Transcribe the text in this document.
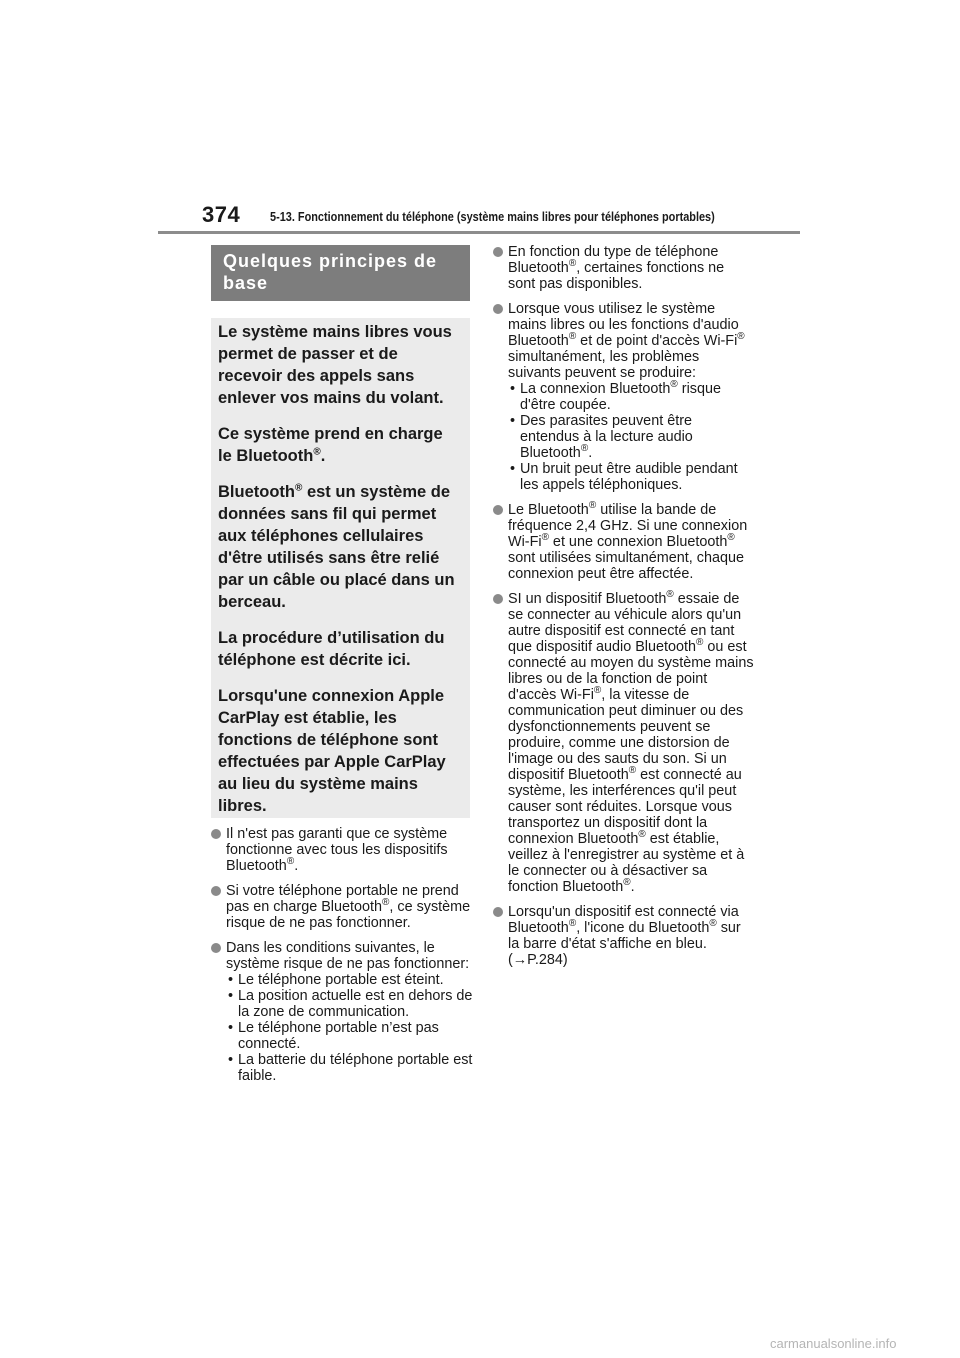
374 5-13. Fonctionnement du téléphone (système mains libres pour téléphones portables)
Quelques principes de base

Le système mains libres vous permet de passer et de recevoir des appels sans enlever vos mains du volant.

Ce système prend en charge le Bluetooth®.

Bluetooth® est un système de données sans fil qui permet aux téléphones cellulaires d'être utilisés sans être relié par un câble ou placé dans un berceau.

La procédure d’utilisation du téléphone est décrite ici.

Lorsqu'une connexion Apple CarPlay est établie, les fonctions de téléphone sont effectuées par Apple CarPlay au lieu du système mains libres.

Il n'est pas garanti que ce système fonctionne avec tous les dispositifs Bluetooth®.
Si votre téléphone portable ne prend pas en charge Bluetooth®, ce système risque de ne pas fonctionner.
Dans les conditions suivantes, le système risque de ne pas fonctionner:
• Le téléphone portable est éteint.
• La position actuelle est en dehors de la zone de communication.
• Le téléphone portable n’est pas connecté.
• La batterie du téléphone portable est faible.
En fonction du type de téléphone Bluetooth®, certaines fonctions ne sont pas disponibles.
Lorsque vous utilisez le système mains libres ou les fonctions d'audio Bluetooth® et de point d'accès Wi-Fi® simultanément, les problèmes suivants peuvent se produire:
• La connexion Bluetooth® risque d'être coupée.
• Des parasites peuvent être entendus à la lecture audio Bluetooth®.
• Un bruit peut être audible pendant les appels téléphoniques.
Le Bluetooth® utilise la bande de fréquence 2,4 GHz. Si une connexion Wi-Fi® et une connexion Bluetooth® sont utilisées simultanément, chaque connexion peut être affectée.
SI un dispositif Bluetooth® essaie de se connecter au véhicule alors qu'un autre dispositif est connecté en tant que dispositif audio Bluetooth® ou est connecté au moyen du système mains libres ou de la fonction de point d'accès Wi-Fi®, la vitesse de communication peut diminuer ou des dysfonctionnements peuvent se produire, comme une distorsion de l'image ou des sauts du son. Si un dispositif Bluetooth® est connecté au système, les interférences qu'il peut causer sont réduites. Lorsque vous transportez un dispositif dont la connexion Bluetooth® est établie, veillez à l'enregistrer au système et à le connecter ou à désactiver sa fonction Bluetooth®.
Lorsqu'un dispositif est connecté via Bluetooth®, l'icone du Bluetooth® sur la barre d'état s'affiche en bleu. (→P.284)
carmanualsonline.info
